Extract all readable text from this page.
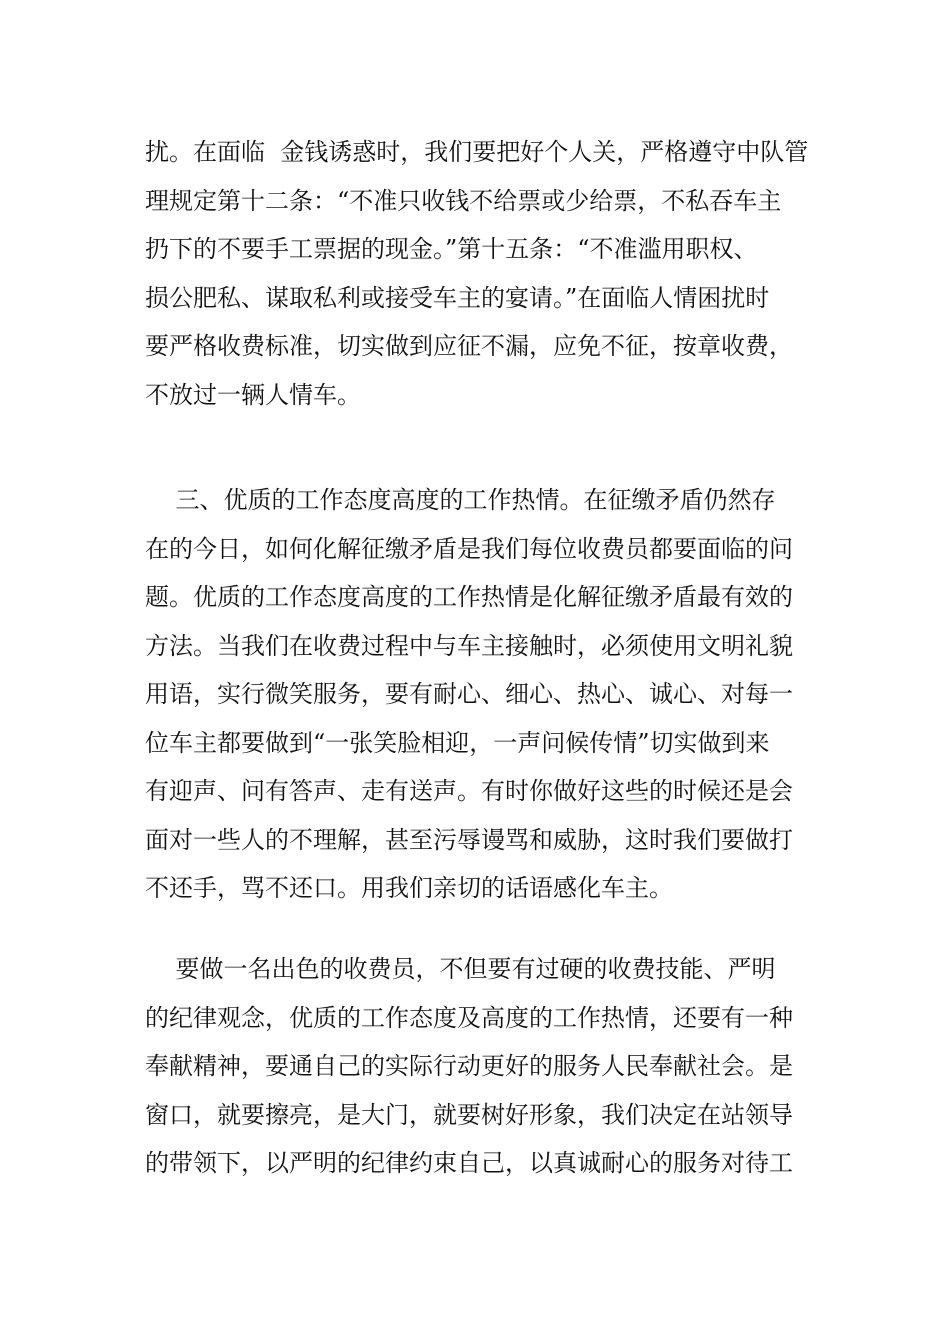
扰。在面临  金钱诱惑时，我们要把好个人关，严格遵守中队管
理规定第十二条：“不准只收钱不给票或少给票，不私吞车主
扔下的不要手工票据的现金。”第十五条：“不准滥用职权、
损公肥私、谋取私利或接受车主的宴请。”在面临人情困扰时
要严格收费标准，切实做到应征不漏，应免不征，按章收费，
不放过一辆人情车。
三、优质的工作态度高度的工作热情。在征缴矛盾仍然存
在的今日，如何化解征缴矛盾是我们每位收费员都要面临的问
题。优质的工作态度高度的工作热情是化解征缴矛盾最有效的
方法。当我们在收费过程中与车主接触时，必须使用文明礼貌
用语，实行微笑服务，要有耐心、细心、热心、诚心、对每一
位车主都要做到“一张笑脸相迎，一声问候传情”切实做到来
有迎声、问有答声、走有送声。有时你做好这些的时候还是会
面对一些人的不理解，甚至污辱谩骂和威胁，这时我们要做打
不还手，骂不还口。用我们亲切的话语感化车主。
要做一名出色的收费员，不但要有过硬的收费技能、严明
的纪律观念，优质的工作态度及高度的工作热情，还要有一种
奉献精神，要通自己的实际行动更好的服务人民奉献社会。是
窗口，就要擦亮，是大门，就要树好形象，我们决定在站领导
的带领下，以严明的纪律约束自己，以真诚耐心的服务对待工
